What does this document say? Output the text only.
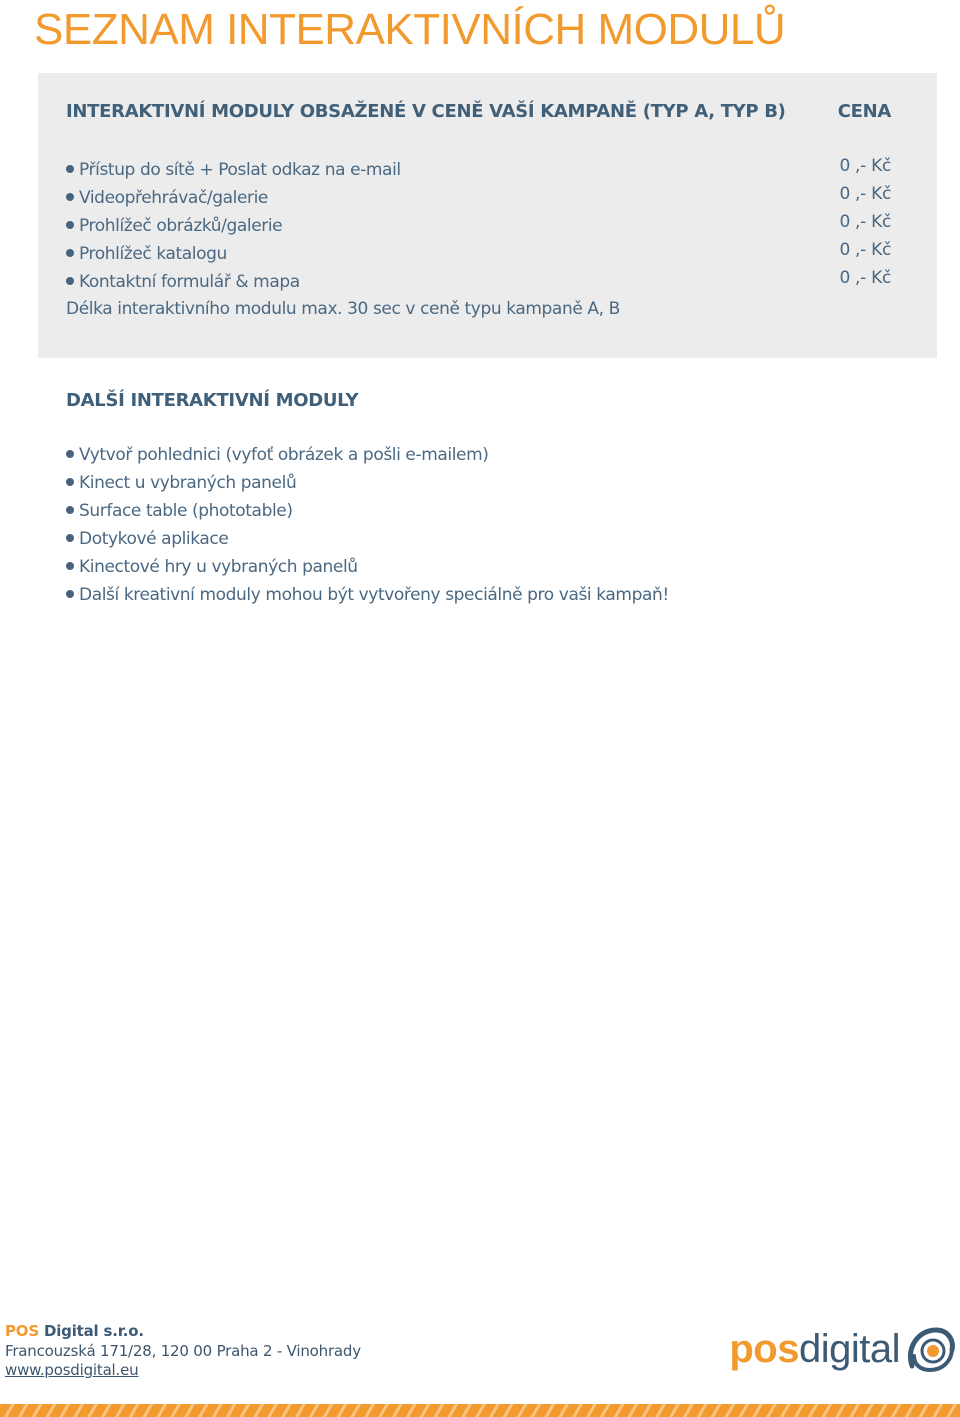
SEZNAM INTERAKTIVNÍCH MODULŮ
INTERAKTIVNÍ MODULY OBSAŽENÉ V CENĚ VAŠÍ KAMPANĚ (TYP A, TYP B)	CENA
Přístup do sítě + Poslat odkaz na e-mail
Videopřehrávač/galerie
Prohlížeč obrázků/galerie
Prohlížeč katalogu
Kontaktní formulář & mapa
Délka interaktivního modulu max. 30 sec v ceně typu kampaně A, B
0 ,- Kč
0 ,- Kč
0 ,- Kč
0 ,- Kč
0 ,- Kč
DALŠÍ INTERAKTIVNÍ MODULY
Vytvoř pohlednici (vyfoť obrázek a pošli e-mailem)
Kinect u vybraných panelů
Surface table (phototable)
Dotykové aplikace
Kinectové hry u vybraných panelů
Další kreativní moduly mohou být vytvořeny speciálně pro vaši kampaň!
POS Digital s.r.o.
Francouzská 171/28, 120 00 Praha 2 - Vinohrady
www.posdigital.eu	posdigital
